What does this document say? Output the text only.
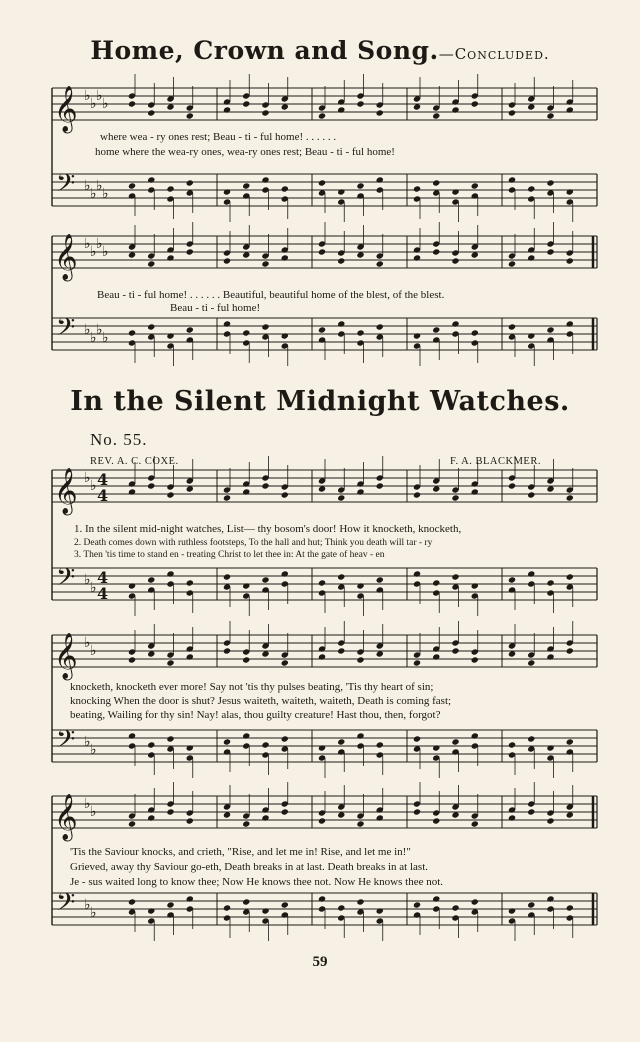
Home, Crown and Song.—Concluded.
In the Silent Midnight Watches.
No. 55.
REV. A. C. COXE.	F. A. BLACKMER.
𝄞
𝄢
♭
♭
♭
♭
♭
♭
♭
♭
𝄞
𝄢
♭
♭
♭
♭
♭
♭
♭
♭
𝄞
𝄢
♭
♭
♭
♭
𝄞
𝄢
♭
♭
♭
♭
𝄞
𝄢
♭
♭
♭
♭
4
4
4
4
where wea - ry ones rest; Beau - ti - ful home! . . . . . .
home where the wea-ry ones, wea-ry ones rest; Beau - ti - ful home!
Beau - ti - ful home! . . . . . . Beautiful, beautiful home of the blest, of the blest.
Beau - ti - ful home!
1. In the silent mid-night watches, List— thy bosom's door! How it knocketh, knocketh,
2. Death comes down with ruthless footsteps, To the hall and hut; Think you death will tar - ry
3. Then 'tis time to stand en - treating Christ to let thee in: At the gate of heav - en
knocketh, knocketh ever more! Say not 'tis thy pulses beating, 'Tis thy heart of sin;
knocking When the door is shut? Jesus waiteth, waiteth, waiteth, Death is coming fast;
beating, Wailing for thy sin! Nay! alas, thou guilty creature! Hast thou, then, forgot?
'Tis the Saviour knocks, and crieth, "Rise, and let me in! Rise, and let me in!"
Grieved, away thy Saviour go-eth, Death breaks in at last. Death breaks in at last.
Je - sus waited long to know thee; Now He knows thee not. Now He knows thee not.
59
